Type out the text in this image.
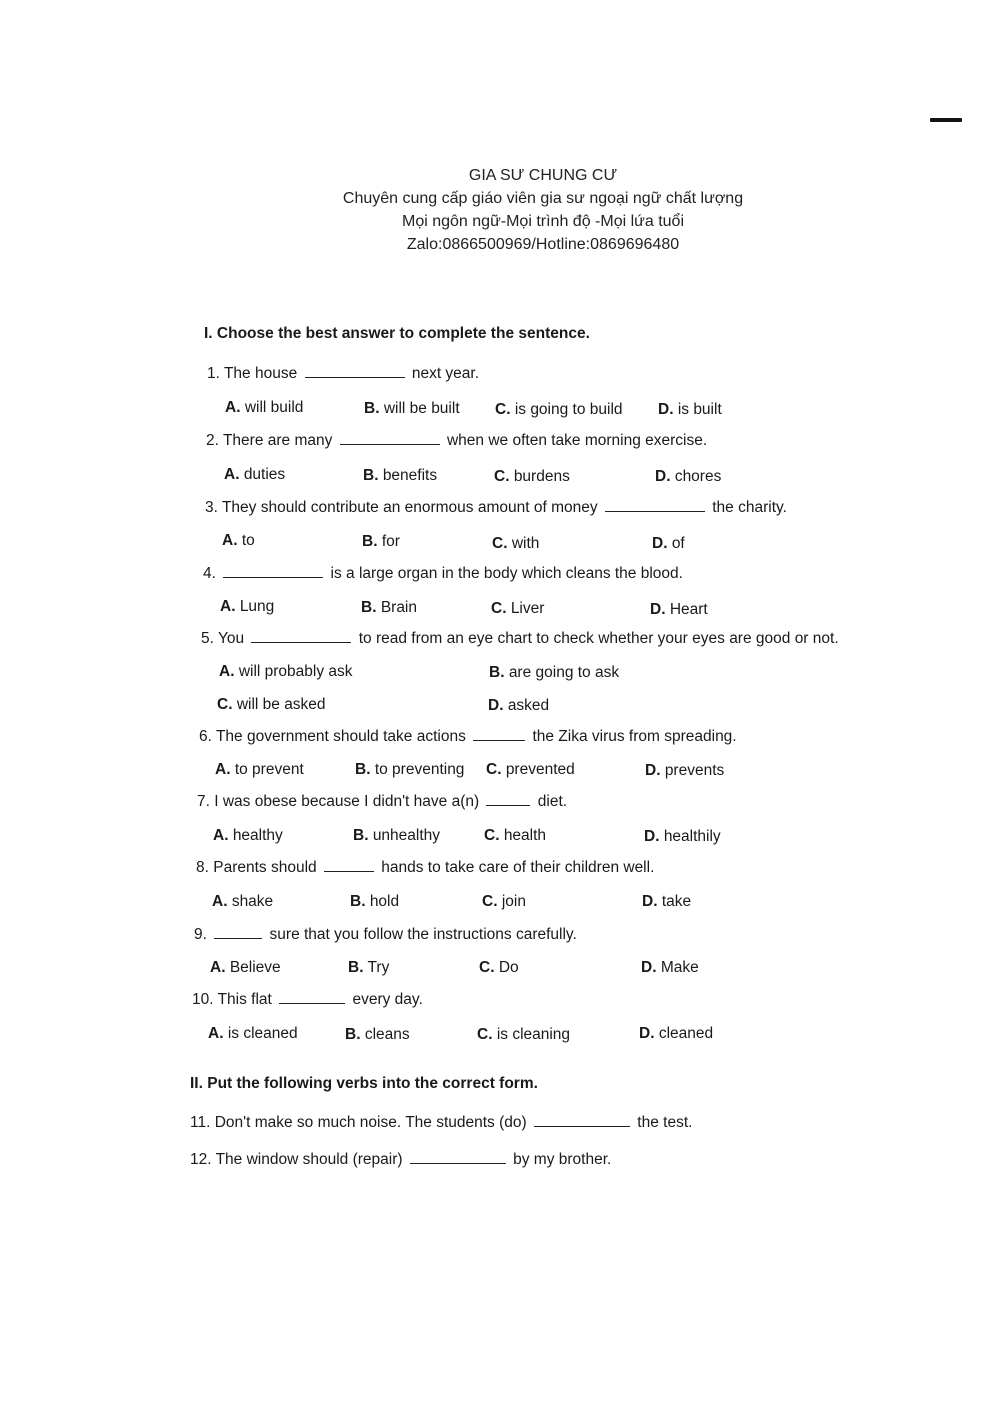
GIA SƯ CHUNG CƯ
Chuyên cung cấp giáo viên gia sư ngoại ngữ chất lượng
Mọi ngôn ngữ-Mọi trình độ -Mọi lứa tuổi
Zalo:0866500969/Hotline:0869696480
I. Choose the best answer to complete the sentence.
1. The house	next year.
A. will build	B. will be built C. is going to build D. is built
2. There are many	when we often take morning exercise.
A. duties	B. benefits	C. burdens	D. chores
3. They should contribute an enormous amount of money	the charity.
A. to	B. for	C. with	D. of
4.	is a large organ in the body which cleans the blood.
A. Lung	B. Brain	C. Liver	D. Heart
5. You	to read from an eye chart to check whether your eyes are good or not.
A. will probably ask	B. are going to ask
C. will be asked	D. asked
6. The government should take actions	the Zika virus from spreading.
A. to prevent	B. to preventing C. prevented	D. prevents
7. I was obese because I didn't have a(n)	diet.
A. healthy	B. unhealthy	C. health	D. healthily
8. Parents should	hands to take care of their children well.
A. shake	B. hold	C. join	D. take
9.	sure that you follow the instructions carefully.
A. Believe	B. Try	C. Do	D. Make
10. This flat	every day.
A. is cleaned	B. cleans	C. is cleaning	D. cleaned
II. Put the following verbs into the correct form.
11. Don't make so much noise. The students (do)	the test.
12. The window should (repair)	by my brother.
